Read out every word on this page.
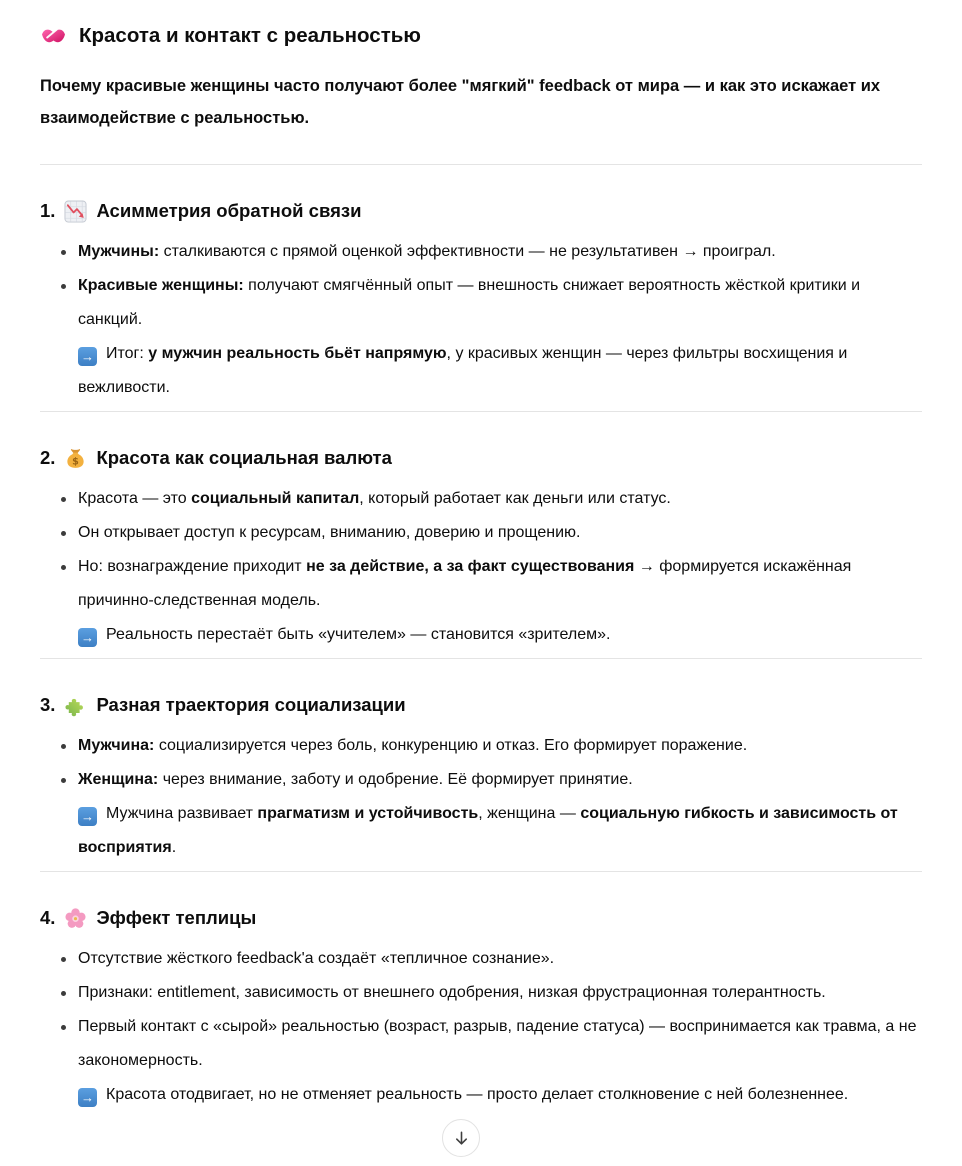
Красота и контакт с реальностью

Почему красивые женщины часто получают более "мягкий" feedback от мира — и как это искажает их взаимодействие с реальностью.

1. Асимметрия обратной связи
Мужчины: сталкиваются с прямой оценкой эффективности — не результативен → проиграл.
Красивые женщины: получают смягчённый опыт — внешность снижает вероятность жёсткой критики и санкций.
→ Итог: у мужчин реальность бьёт напрямую, у красивых женщин — через фильтры восхищения и вежливости.
2. $ Красота как социальная валюта
Красота — это социальный капитал, который работает как деньги или статус.
Он открывает доступ к ресурсам, вниманию, доверию и прощению.
Но: вознаграждение приходит не за действие, а за факт существования → формируется искажённая причинно-следственная модель.
→ Реальность перестаёт быть «учителем» — становится «зрителем».
3. Разная траектория социализации
Мужчина: социализируется через боль, конкуренцию и отказ. Его формирует поражение.
Женщина: через внимание, заботу и одобрение. Её формирует принятие.
→ Мужчина развивает прагматизм и устойчивость, женщина — социальную гибкость и зависимость от восприятия.
4. Эффект теплицы
Отсутствие жёсткого feedback'а создаёт «тепличное сознание».
Признаки: entitlement, зависимость от внешнего одобрения, низкая фрустрационная толерантность.
Первый контакт с «сырой» реальностью (возраст, разрыв, падение статуса) — воспринимается как травма, а не закономерность.
→ Красота отодвигает, но не отменяет реальность — просто делает столкновение с ней болезненнее.
